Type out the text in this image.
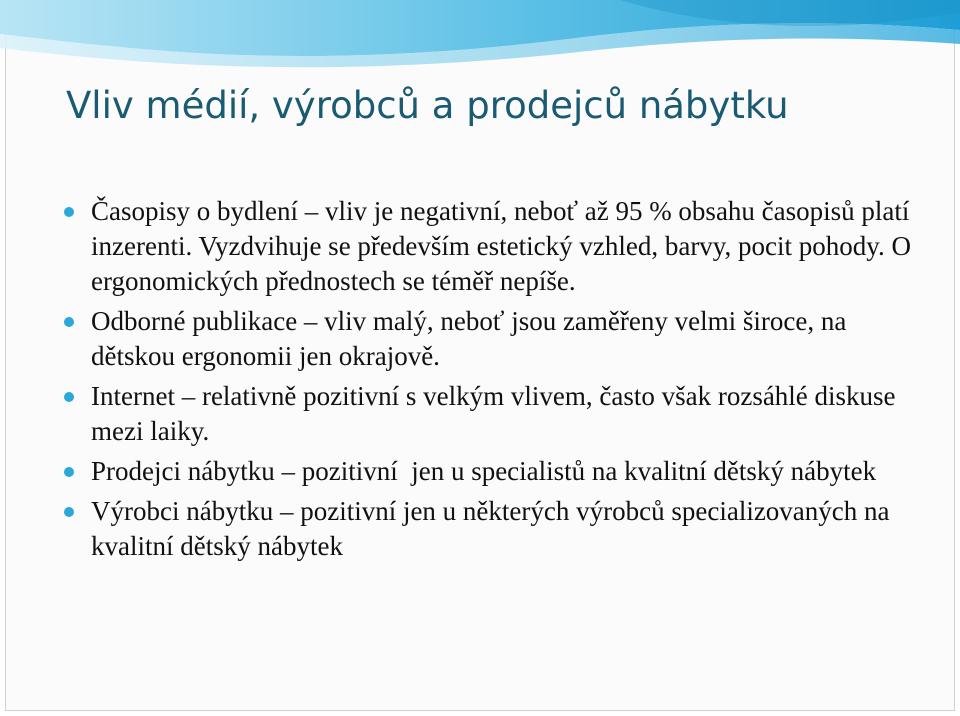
Vliv médií, výrobců a prodejců nábytku
Časopisy o bydlení – vliv je negativní, neboť až 95 % obsahu časopisů platí inzerenti. Vyzdvihuje se především estetický vzhled, barvy, pocit pohody. O ergonomických přednostech se téměř nepíše.
Odborné publikace – vliv malý, neboť jsou zaměřeny velmi široce, na dětskou ergonomii jen okrajově.
Internet – relativně pozitivní s velkým vlivem, často však rozsáhlé diskuse mezi laiky.
Prodejci nábytku – pozitivní  jen u specialistů na kvalitní dětský nábytek
Výrobci nábytku – pozitivní jen u některých výrobců specializovaných na  kvalitní dětský nábytek
